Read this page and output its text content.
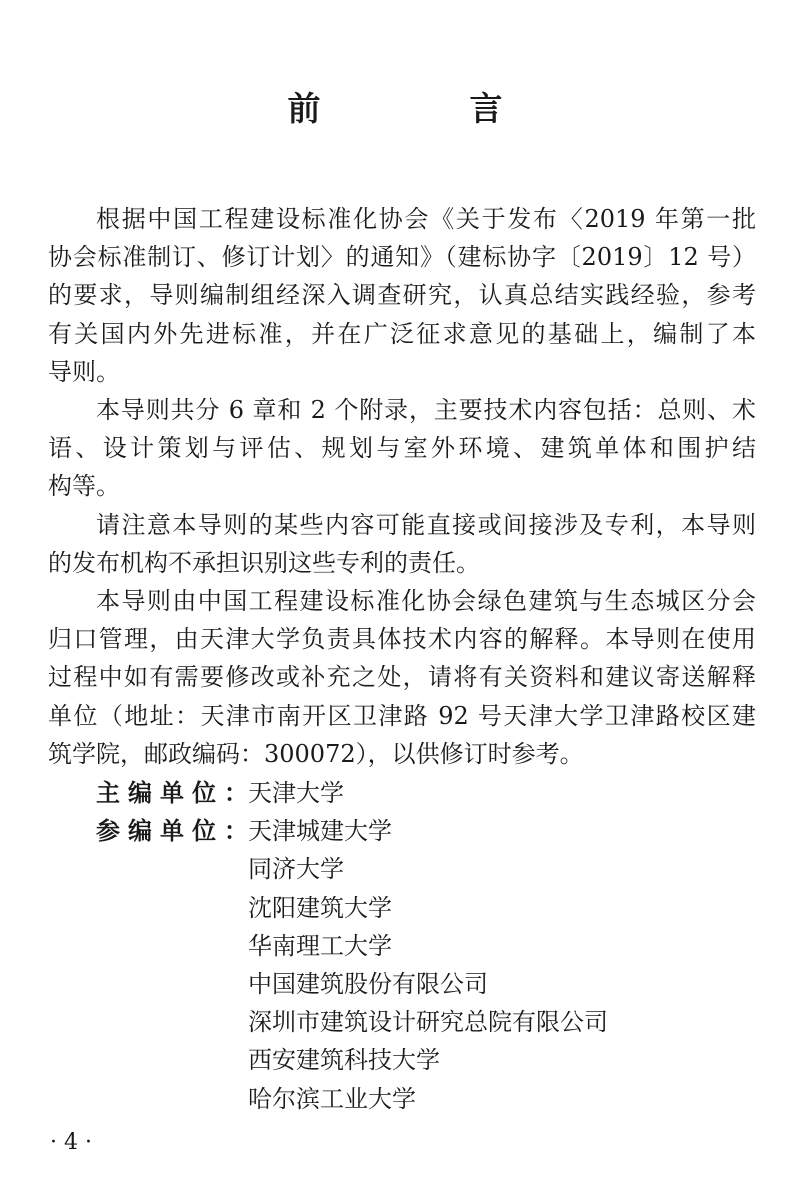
前　言

根据中国工程建设标准化协会《关于发布〈2019 年第一批
协会标准制订、修订计划〉的通知》（建标协字〔2019〕12 号）
的要求，导则编制组经深入调查研究，认真总结实践经验，参考
有关国内外先进标准，并在广泛征求意见的基础上，编制了本
导则。

本导则共分 6 章和 2 个附录，主要技术内容包括：总则、术
语、设计策划与评估、规划与室外环境、建筑单体和围护结
构等。

请注意本导则的某些内容可能直接或间接涉及专利，本导则
的发布机构不承担识别这些专利的责任。

本导则由中国工程建设标准化协会绿色建筑与生态城区分会
归口管理，由天津大学负责具体技术内容的解释。本导则在使用
过程中如有需要修改或补充之处，请将有关资料和建议寄送解释
单位（地址：天津市南开区卫津路 92 号天津大学卫津路校区建
筑学院，邮政编码：300072），以供修订时参考。

主编单位：
天津大学
参编单位：
天津城建大学
同济大学
沈阳建筑大学
华南理工大学
中国建筑股份有限公司
深圳市建筑设计研究总院有限公司
西安建筑科技大学
哈尔滨工业大学
· 4 ·
